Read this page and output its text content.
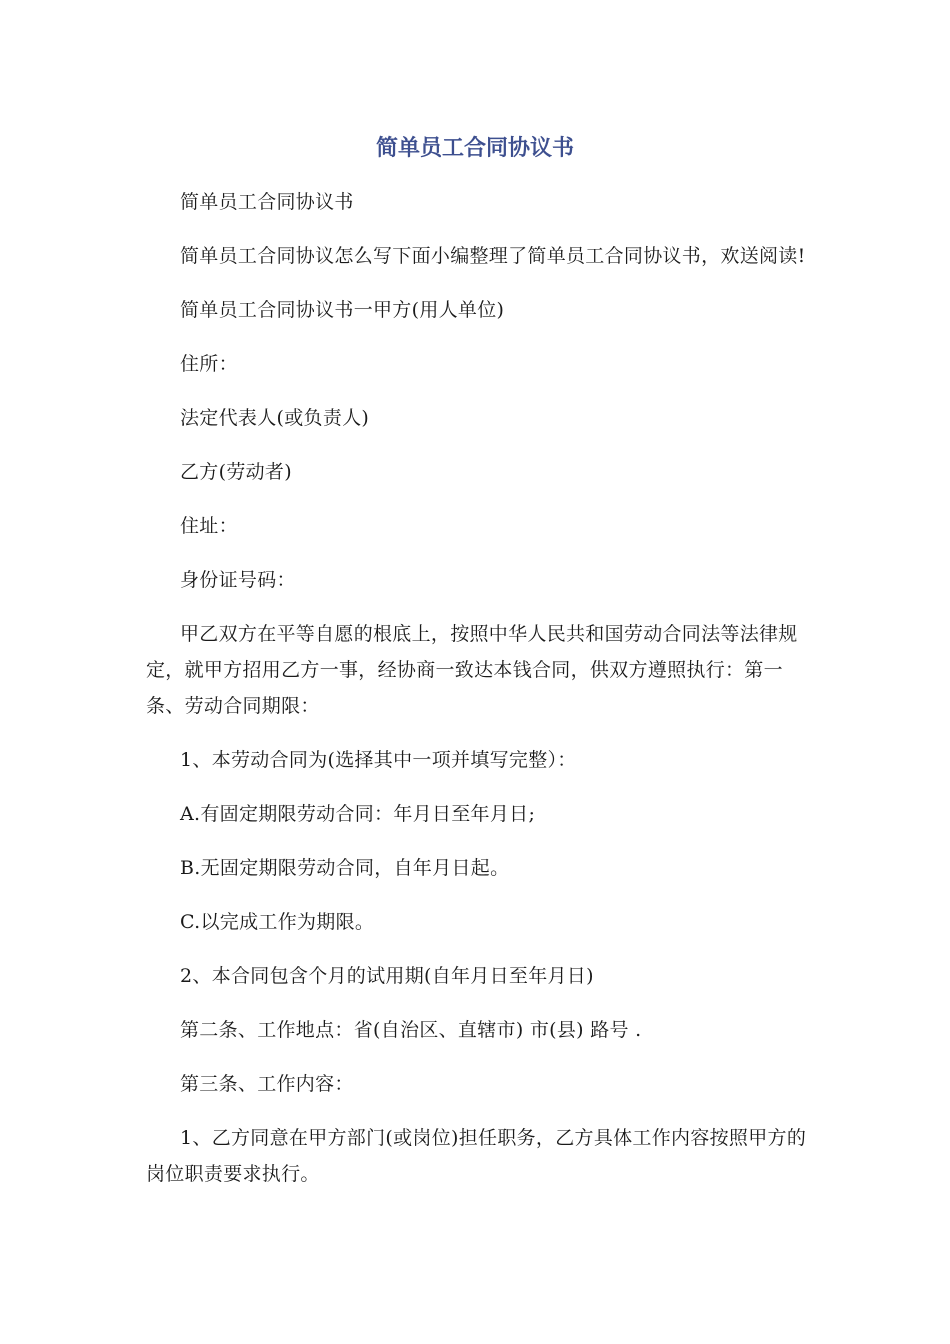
简单员工合同协议书

简单员工合同协议书

简单员工合同协议怎么写下面小编整理了简单员工合同协议书，欢送阅读!

简单员工合同协议书一甲方(用人单位)

住所：

法定代表人(或负责人)

乙方(劳动者)

住址：

身份证号码：

甲乙双方在平等自愿的根底上，按照中华人民共和国劳动合同法等法律规定，就甲方招用乙方一事，经协商一致达本钱合同，供双方遵照执行：第一条、劳动合同期限：

1、本劳动合同为(选择其中一项并填写完整）：

A.有固定期限劳动合同：年月日至年月日;

B.无固定期限劳动合同，自年月日起。

C.以完成工作为期限。

2、本合同包含个月的试用期(自年月日至年月日)

第二条、工作地点：省(自治区、直辖市) 市(县) 路号 .

第三条、工作内容：

1、乙方同意在甲方部门(或岗位)担任职务，乙方具体工作内容按照甲方的岗位职责要求执行。
